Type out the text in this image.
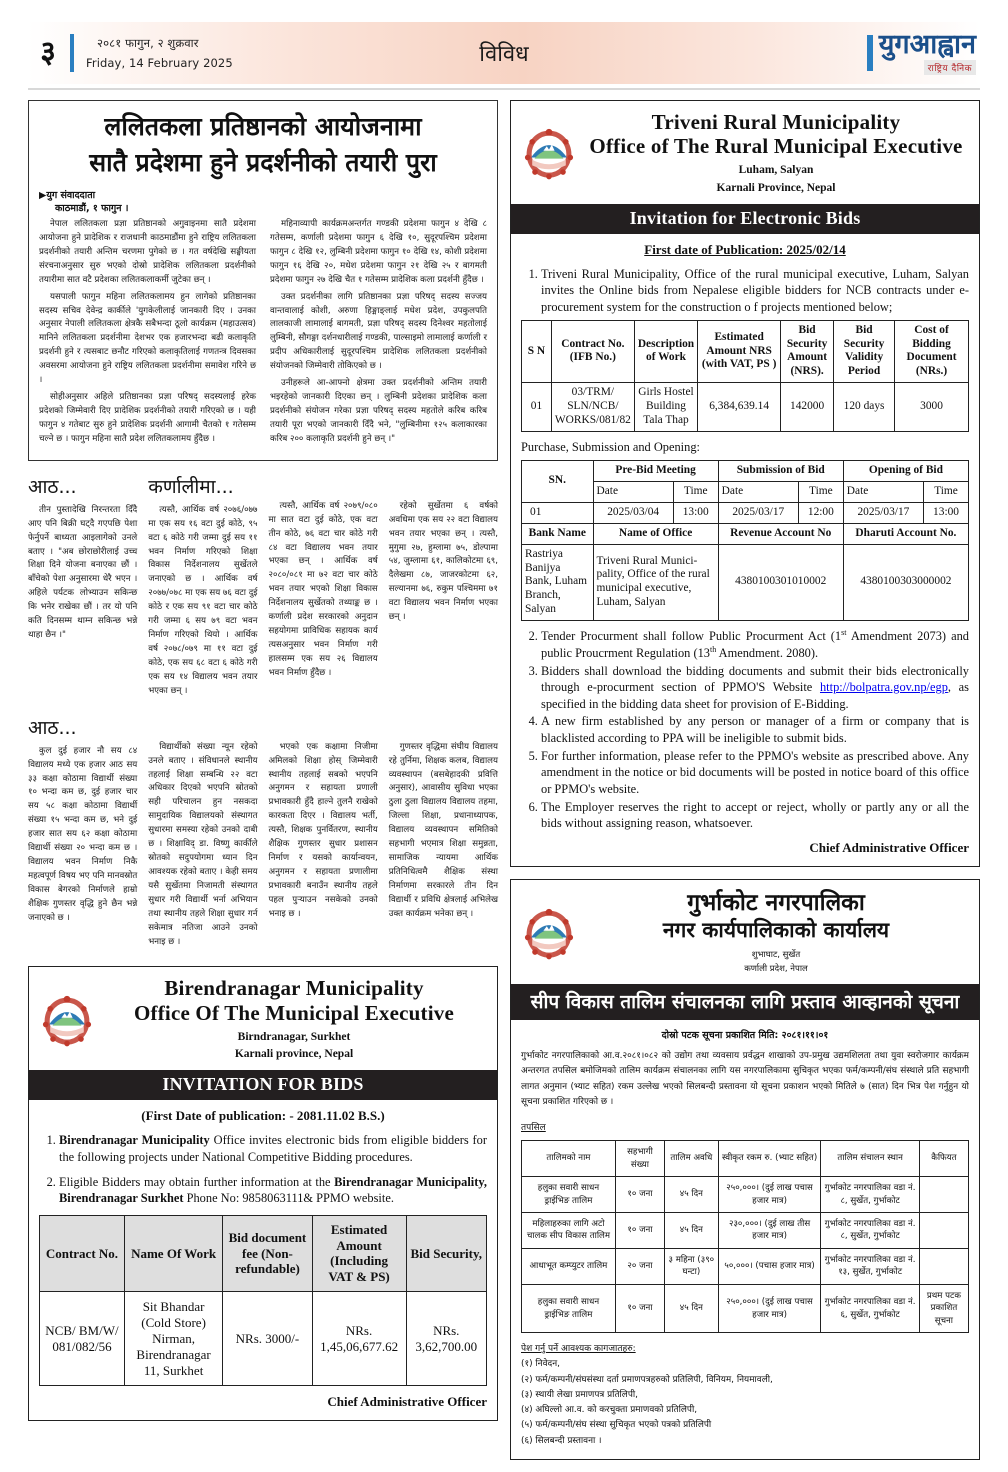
३	२०८१ फागुन, २ शुक्रवार
Friday, 14 February 2025	विविध	युगआह्वान
राष्ट्रिय दैनिक
ललितकला प्रतिष्ठानको आयोजनामा
सातै प्रदेशमा हुने प्रदर्शनीको तयारी पुरा
▶युग संवाददाता
काठमाडौं, १ फागुन ।

नेपाल ललितकला प्रज्ञा प्रतिष्ठानको अगुवाइनमा सातै प्रदेशमा आयोजना हुने प्रादेशिक र राजधानी काठमाडौंमा हुने राष्ट्रिय ललितकला प्रदर्शनीको तयारी अन्तिम चरणमा पुगेको छ । गत वर्षदेखि सङ्घीयता संरचनाअनुसार सुरु भएको दोस्रो प्रादेशिक ललितकला प्रदर्शनीको तयारीमा सात वटै प्रदेशका ललितकलाकर्मी जुटेका छन् ।

यसपाली फागुन महिना ललितकलामय हुन लागेको प्रतिष्ठानका सदस्य सचिव देवेन्द्र कार्कीले 'युगकेलीलाई जानकारी दिए । उनका अनुसार नेपाली ललितकला क्षेत्रकै सबैभन्दा ठूलो कार्यक्रम (महाउत्सव) मानिने ललितकला प्रदर्शनीमा देशभर एक हजारभन्दा बढी कलाकृति प्रदर्शनी हुने र त्यसबाट छनौट गरिएको कलाकृतिलाई गणतन्त्र दिवसका अवसरमा आयोजना हुने राष्ट्रिय ललितकला प्रदर्शनीमा समावेश गरिने छ ।

सोहीअनुसार अहिले प्रतिष्ठानका प्रज्ञा परिषद् सदस्यलाई हरेक प्रदेशको जिम्मेवारी दिए प्रादेशिक प्रदर्शनीको तयारी गरिएको छ । यही फागुन ४ गतेबाट सुरु हुने प्रादेशिक प्रदर्शनी आगामी चैतको १ गतेसम्म चल्ने छ । फागुन महिना सातै प्रदेश ललितकलामय हुँदैछ ।

महिनाव्यापी कार्यक्रमअन्तर्गत गण्डकी प्रदेशमा फागुन ४ देखि ८ गतेसम्म, कर्णाली प्रदेशमा फागुन ६ देखि १०, सुदूरपश्चिम प्रदेशमा फागुन ८ देखि १२, लुम्बिनी प्रदेशमा फागुन १० देखि १४, कोशी प्रदेशमा फागुन १६ देखि २०, मधेश प्रदेशमा फागुन २१ देखि २५ र बागमती प्रदेशमा फागुन २७ देखि चैत १ गतेसम्म प्रादेशिक कला प्रदर्शनी हुँदैछ ।

उक्त प्रदर्शनीका लागि प्रतिष्ठानका प्रज्ञा परिषद् सदस्य सज्जय वान्तवालाई कोशी, अरुणा हिङ्माङ्लाई मधेश प्रदेश, उपकुलपति लालकाजी लामालाई बागमती, प्रज्ञा परिषद् सदस्य दिनेश्वर महतोलाई लुम्बिनी, सौगङ्गा दर्शनधारीलाई गण्डकी, पाल्साइमो लामालाई कर्णाली र प्रदीप अधिकारीलाई सुदूरपश्चिम प्रादेशिक ललितकला प्रदर्शनीको संयोजनको जिम्मेवारी तोकिएको छ ।

उनीहरूले आ-आफ्नो क्षेत्रमा उक्त प्रदर्शनीको अन्तिम तयारी भइरहेको जानकारी दिएका छन् । लुम्बिनी प्रदेशका प्रादेशिक कला प्रदर्शनीको संयोजन गरेका प्रज्ञा परिषद् सदस्य महतोले करिब करिब तयारी पूरा भएको जानकारी दिँदै भने, "लुम्बिनीमा १२५ कलाकारका करिब २०० कलाकृति प्रदर्शनी हुने छन् ।"

आठ...

तीन पुस्तादेखि निरन्तरता दिँदै आए पनि बिक्री घट्दै गएपछि पेशा फेर्नुपर्ने बाध्यता आइलागेको उनले बताए । "अब छोराछोरीलाई उच्च शिक्षा दिने योजना बनाएका छौं । बाँचेको पेशा अनुसारमा धेरै भएन । अहिले पर्यटक लोभ्याउन सकिन्छ कि भनेर राखेका छौं । तर यो पनि कति दिनसम्म थाम्न सकिन्छ भन्ने थाहा छैन ।"

कर्णालीमा...

त्यस्तै, आर्थिक वर्ष २०७६/०७७ मा एक सय १६ वटा दुई कोठे, ९५ वटा ६ कोठे गरी जम्मा दुई सय ११ भवन निर्माण गरिएको शिक्षा विकास निर्देशनालय सुर्खेतले जनाएको छ । आर्थिक वर्ष २०७७/०७८ मा एक सय ७६ वटा दुई कोठे र एक सय ९१ वटा चार कोठे गरी जम्मा ६ सय ७९ वटा भवन निर्माण गरिएको थियो । आर्थिक वर्ष २०७८/०७९ मा ११ वटा दुई कोठे, एक सय ६८ वटा ६ कोठे गरी एक सय १४ विद्यालय भवन तयार भएका छन् ।

त्यस्तै, आर्थिक वर्ष २०७९/०८० मा सात वटा दुई कोठे, एक वटा तीन कोठे, ७६ वटा चार कोठे गरी ८४ वटा विद्यालय भवन तयार भएका छन् । आर्थिक वर्ष २०८०/०८१ मा ७२ वटा चार कोठे भवन तयार भएको शिक्षा विकास निर्देशनालय सुर्खेतको तथ्याङ्क छ । कर्णाली प्रदेश सरकारको अनुदान सहयोगमा प्राविधिक सहायक कार्य त्यसअनुसार भवन निर्माण गरी हालसम्म एक सय २६ विद्यालय भवन निर्माण हुँदैछ ।

रहेको सुर्खेतमा ६ वर्षको अवधिमा एक सय २२ वटा विद्यालय भवन तयार भएका छन् । त्यस्तै, मुगुमा २७, हुम्लामा ७५, डोल्पामा ५४, जुम्लामा ६१, कालिकोटमा ६९, दैलेखमा ८७, जाजरकोटमा ६२, सल्यानमा ७६, रुकुम पश्चिममा ७१ वटा विद्यालय भवन निर्माण भएका छन् ।

आठ...

कुल दुई हजार नौ सय ८४ विद्यालय मध्ये एक हजार आठ सय ३३ कक्षा कोठामा विद्यार्थी संख्या १० भन्दा कम छ, दुई हजार चार सय ५८ कक्षा कोठामा विद्यार्थी संख्या १५ भन्दा कम छ, भने दुई हजार सात सय ६२ कक्षा कोठामा विद्यार्थी संख्या २० भन्दा कम छ । विद्यालय भवन निर्माण निकै महत्वपूर्ण विषय भए पनि मानवस्रोत विकास बेगरको निर्माणले हाम्रो शैक्षिक गुणस्तर वृद्धि हुने छैन भन्ने जनाएको छ ।

विद्यार्थीको संख्या न्यून रहेको उनले बताए । संविधानले स्थानीय तहलाई शिक्षा सम्बन्धि २२ वटा अधिकार दिएको भएपनि स्रोतको सही परिचालन हुन नसकदा सामुदायिक विद्यालयको संस्थागत सुधारमा समस्या रहेको उनको दाबी छ । शिक्षाविद् डा. विष्णु कार्कीले स्रोतको सदुपयोगमा ध्यान दिन आवश्यक रहेको बताए । केही समय यसै सुर्खेतमा निजामती संस्थागत सुधार गरी विद्यार्थी भर्ना अभियान तथा स्थानीय तहले शिक्षा सुधार गर्न सकेमात्र नतिजा आउने उनको भनाइ छ ।

भएको एक कक्षामा निजीमा अमिलको शिक्षा होस् जिम्मेवारी स्थानीय तहलाई सबको भएपनि अनुगमन र सहायता प्रणाली प्रभावकारी हुँदै हाल्ने तुलनै राखेको कारकता दिएर । विद्यालय भर्ती, त्यस्तै, शिक्षक पुनर्वितरण, स्थानीय शैक्षिक गुणस्तर सुधार प्रशासन निर्माण र यसको कार्यान्वयन, अनुगमन र सहायता प्रणालीमा प्रभावकारी बनाउँन स्थानीय तहले पहल पुऱ्याउन नसकेको उनको भनाइ छ ।

गुणस्तर वृद्धिमा संघीय विद्यालय रहे तुर्निमा, शिक्षक कलब, विद्यालय व्यवस्थापन (बसबेहादकी प्रवित्ति अनुसार), आवासीय सुविधा भएका ठुला ठुला विद्यालय विद्यालय तहमा, जिल्ला शिक्षा, प्रधानाध्यापक, विद्यालय व्यवस्थापन समितिको सहभागी भएमात्र शिक्षा समुन्नता, सामाजिक न्यायमा आर्थिक प्रतिनिधित्वमै शैक्षिक संस्था निर्माणमा सरकारले तीन दिन विद्यार्थी र प्रविधि क्षेत्रलाई अभिलेख उक्त कार्यक्रम भनेका छन् ।

Birendranagar Municipality
Office Of The Municipal Executive
Birndranagar, Surkhet
Karnali province, Nepal
INVITATION FOR BIDS
(First Date of publication: - 2081.11.02 B.S.)
1. Birendranagar Municipality Office invites electronic bids from eligible bidders for the following projects under National Competitive Bidding procedures.
2. Eligible Bidders may obtain further information at the Birendranagar Municipality, Birendranagar Surkhet Phone No: 9858063111& PPMO website.
Contract No.	Name Of Work	Bid document fee (Non-refundable)	Estimated Amount (Including VAT & PS)	Bid Security,
NCB/ BM/W/ 081/082/56	Sit Bhandar (Cold Store) Nirman, Birendranagar 11, Surkhet	NRs. 3000/-	NRs. 1,45,06,677.62	NRs. 3,62,700.00
Chief Administrative Officer
Triveni Rural Municipality
Office of The Rural Municipal Executive
Luham, Salyan
Karnali Province, Nepal
Invitation for Electronic Bids
First date of Publication: 2025/02/14
1. Triveni Rural Municipality, Office of the rural municipal executive, Luham, Salyan invites the Online bids from Nepalese eligible bidders for NCB contracts under e-procurement system for the construction o f projects mentioned below;
S N	Contract No. (IFB No.)	Description of Work	Estimated Amount NRS (with VAT, PS )	Bid Security Amount (NRS).	Bid Security Validity Period	Cost of Bidding Document (NRs.)
01	03/TRM/ SLN/NCB/ WORKS/081/82	Girls Hostel Building Tala Thap	6,384,639.14	142000	120 days	3000
Purchase, Submission and Opening:
SN.	Pre-Bid Meeting		Submission of Bid		Opening of Bid	
	Date	Time	Date	Time	Date	Time
01	2025/03/04	13:00	2025/03/17	12:00	2025/03/17	13:00
Bank Name	Name of Office		Revenue Account No		Dharuti Account No.	
Rastriya Banijya Bank, Luham Branch, Salyan	Triveni Rural Munici-pality, Office of the rural municipal executive, Luham, Salyan		4380100301010002		4380100303000002	
2. Tender Procurment shall follow Public Procurment Act (1st Amendment 2073) and public Proucrment Regulation (13th Amendment. 2080).
3. Bidders shall download the bidding documents and submit their bids electronically through e-procurment section of PPMO'S Website http://bolpatra.gov.np/egp, as specified in the bidding data sheet for provision of E-Bidding.
4. A new firm established by any person or manager of a firm or company that is blacklisted according to PPA will be ineligible to submit bids.
5. For further information, please refer to the PPMO's website as prescribed above. Any amendment in the notice or bid documents will be posted in notice board of this office or PPMO's website.
6. The Employer reserves the right to accept or reject, wholly or partly any or all the bids without assigning reason, whatsoever.
Chief Administrative Officer
गुर्भाकोट नगरपालिका
नगर कार्यपालिकाको कार्यालय
शुभाघाट, सुर्खेत
कर्णाली प्रदेश, नेपाल
सीप विकास तालिम संचालनका लागि प्रस्ताव आव्हानको सूचना
दोस्रो पटक सूचना प्रकाशित मिति: २०८१।११।०१

गुर्भाकोट नगरपालिकाको आ.व.२०८१।०८२ को उद्योग तथा व्यवसाय प्रर्वद्धन शाखाको उप-प्रमुख उद्यमशिलता तथा युवा स्वरोजगार कार्यक्रम अन्तरगत तपसिल बमोजिमको तालिम कार्यक्रम संचालनका लागि यस नगरपालिकामा सुचिकृत भएका फर्म/कम्पनी/संघ संस्थाले प्रति सहभागी लागत अनुमान (भ्याट सहित) रकम उल्लेख भएको सिलबन्दी प्रस्तावना यो सूचना प्रकाशन भएको मितिले ७ (सात) दिन भित्र पेश गर्नुहुन यो सूचना प्रकाशित गरिएको छ ।

तपसिल
तालिमको नाम	सहभागी संख्या	तालिम अवधि	स्वीकृत रकम रु. (भ्याट सहित)	तालिम संचालन स्थान	कैफियत
हलुका सवारी साधन ड्राईभिङ तालिम	१० जना	४५ दिन	२५०,०००। (दुई लाख पचास हजार मात्र)	गुर्भाकोट नगरपालिका वडा नं. ८, सुर्खेत, गुर्भाकोट	
महिलाहरुका लागि अटो चालक सीप विकास तालिम	१० जना	४५ दिन	२३०,०००। (दुई लाख तीस हजार मात्र)	गुर्भाकोट नगरपालिका वडा नं. ८, सुर्खेत, गुर्भाकोट	
आधाभूत कम्प्युटर तालिम	२० जना	३ महिना (३९० घन्टा)	५०,०००। (पचास हजार मात्र)	गुर्भाकोट नगरपालिका वडा नं. १३, सुर्खेत, गुर्भाकोट	
हलुका सवारी साधन ड्राईभिङ तालिम	१० जना	४५ दिन	२५०,०००। (दुई लाख पचास हजार मात्र)	गुर्भाकोट नगरपालिका वडा नं. ६, सुर्खेत, गुर्भाकोट	प्रथम पटक प्रकाशित सूचना
पेश गर्नु पर्ने आवश्यक कागजातहरु:

(१) निवेदन,

(२) फर्म/कम्पनी/संघसंस्था दर्ता प्रमाणपत्रहरुको प्रतिलिपी, विनियम, नियमावली,

(३) स्थायी लेखा प्रमाणपत्र प्रतिलिपी,

(४) अघिल्लो आ.व. को करचुक्ता प्रमाणवको प्रतिलिपी,

(५) फर्म/कम्पनी/संघ संस्था सुचिकृत भएको पत्रको प्रतिलिपी

(६) सिलबन्दी प्रस्तावना ।
